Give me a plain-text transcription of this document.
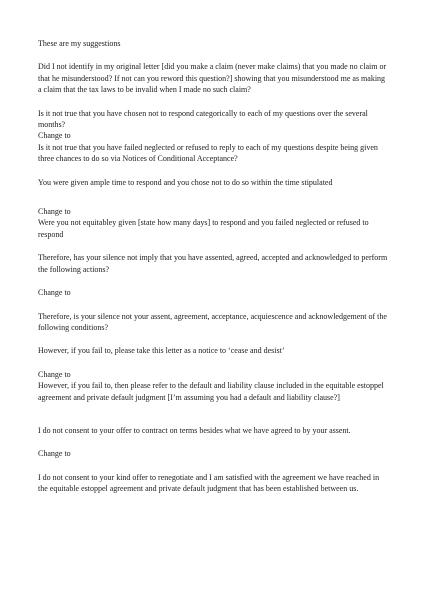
These are my suggestions

Did I not identify in my original letter [did you make a claim (never make claims) that you made no claim or that he misunderstood? If not can you reword this question?] showing that you misunderstood me as making a claim that the tax laws to be invalid when I made no such claim?

Is it not true that you have chosen not to respond categorically to each of my questions over the several months?

Change to

Is it not true that you have failed neglected or refused to reply to each of my questions despite being given three chances to do so via Notices of Conditional Acceptance?

You were given ample time to respond and you chose not to do so within the time stipulated

Change to

Were you not equitabley given [state how many days] to respond and you failed neglected or refused to respond

Therefore, has your silence not imply that you have assented, agreed, accepted and acknowledged to perform the following actions?

Change to

Therefore, is your silence not your assent, agreement, acceptance, acquiescence and acknowledgement of the following conditions?

However, if you fail to, please take this letter as a notice to ‘cease and desist’

Change to

However, if you fail to, then please refer to the default and liability clause included in the equitable estoppel agreement and private default judgment [I’m assuming you had a default and liability clause?]

I do not consent to your offer to contract on terms besides what we have agreed to by your assent.

Change to

I do not consent to your kind offer to renegotiate and I am satisfied with the agreement we have reached in the equitable estoppel agreement and private default judgment that has been established between us.
